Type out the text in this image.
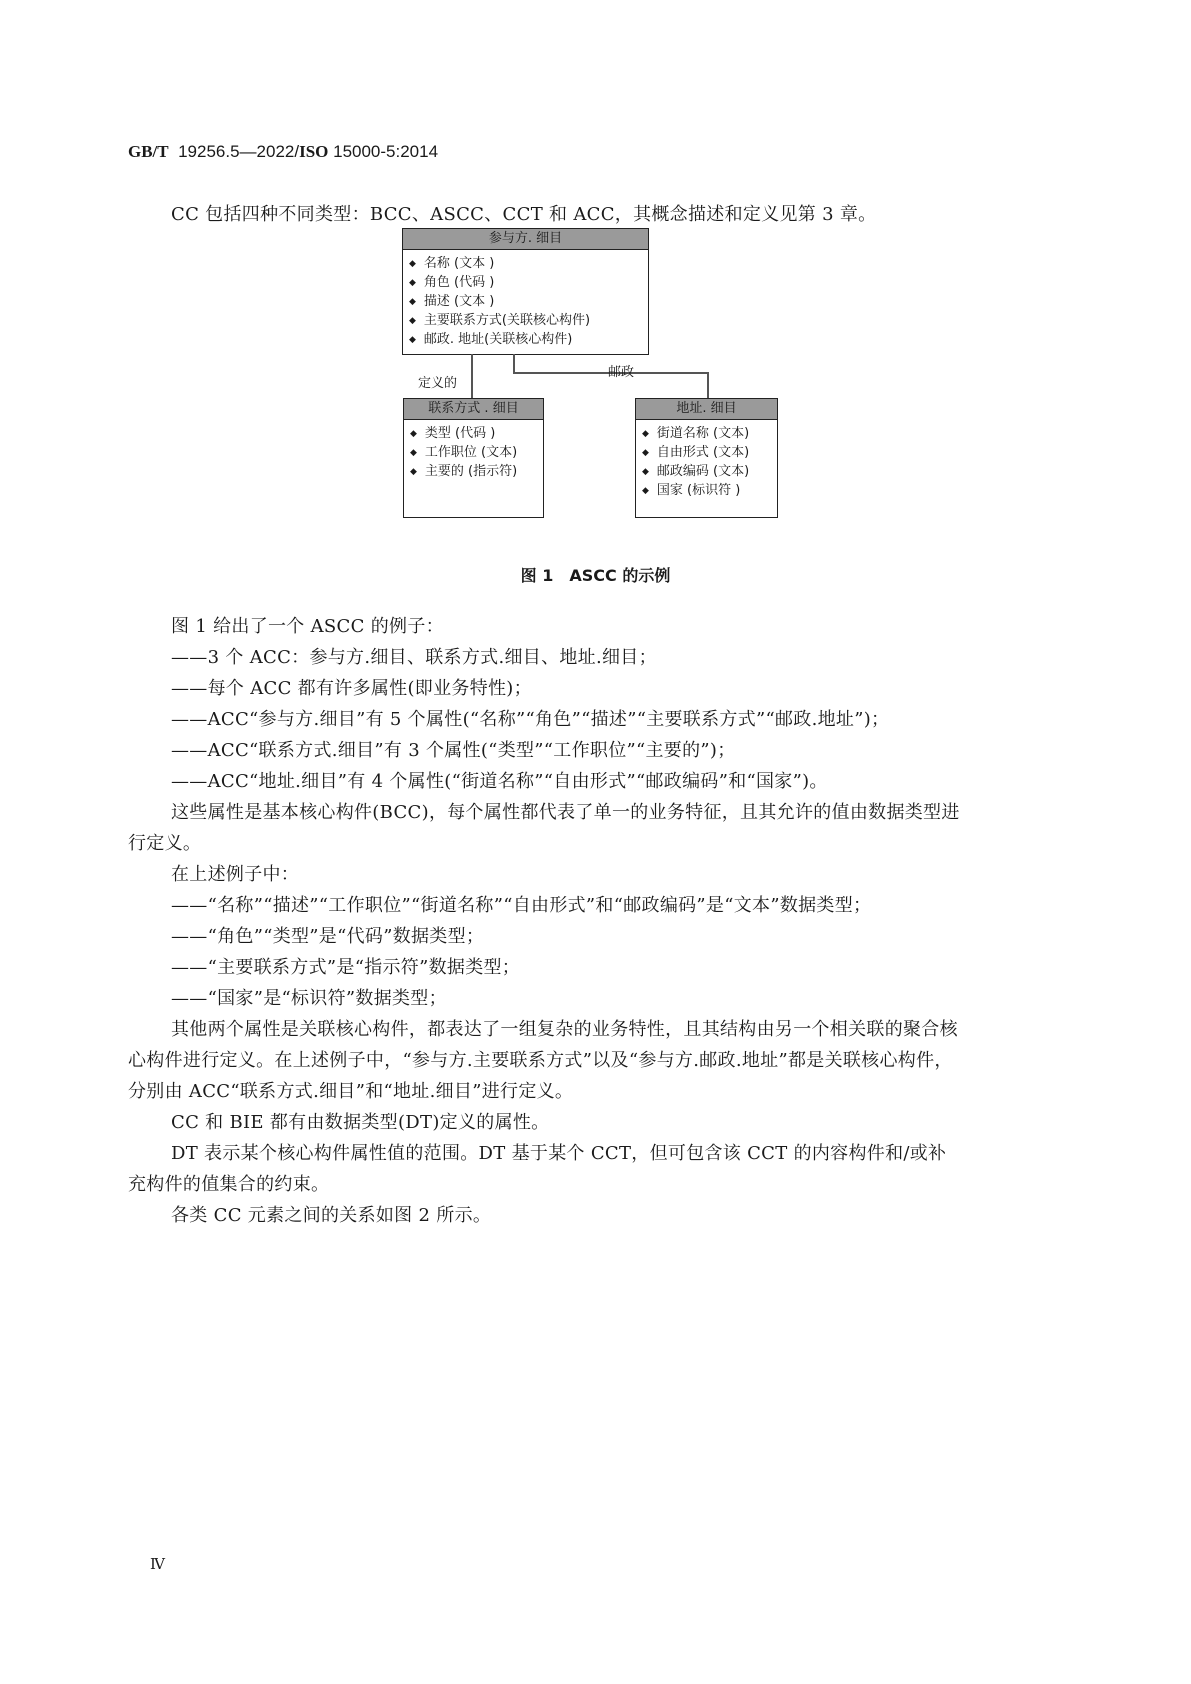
GB/T 19256.5—2022/ISO 15000-5:2014
CC 包括四种不同类型：BCC、ASCC、CCT 和 ACC，其概念描述和定义见第 3 章。
参与方. 细目
◆ 名称 (文本 )
◆ 角色 (代码 )
◆ 描述 (文本 )
◆ 主要联系方式(关联核心构件)
◆ 邮政. 地址(关联核心构件)
定义的
邮政
联系方式 . 细目
◆ 类型 (代码 )
◆ 工作职位 (文本)
◆ 主要的 (指示符)
地址. 细目
◆ 街道名称 (文本)
◆ 自由形式 (文本)
◆ 邮政编码 (文本)
◆ 国家 (标识符 )
图 1　ASCC 的示例
图 1 给出了一个 ASCC 的例子：
——3 个 ACC：参与方.细目、联系方式.细目、地址.细目；
——每个 ACC 都有许多属性(即业务特性)；
——ACC“参与方.细目”有 5 个属性(“名称”“角色”“描述”“主要联系方式”“邮政.地址”)；
——ACC“联系方式.细目”有 3 个属性(“类型”“工作职位”“主要的”)；
——ACC“地址.细目”有 4 个属性(“街道名称”“自由形式”“邮政编码”和“国家”)。
这些属性是基本核心构件(BCC)，每个属性都代表了单一的业务特征，且其允许的值由数据类型进
行定义。
在上述例子中：
——“名称”“描述”“工作职位”“街道名称”“自由形式”和“邮政编码”是“文本”数据类型；
——“角色”“类型”是“代码”数据类型；
——“主要联系方式”是“指示符”数据类型；
——“国家”是“标识符”数据类型；
其他两个属性是关联核心构件，都表达了一组复杂的业务特性，且其结构由另一个相关联的聚合核
心构件进行定义。在上述例子中，“参与方.主要联系方式”以及“参与方.邮政.地址”都是关联核心构件，
分别由 ACC“联系方式.细目”和“地址.细目”进行定义。
CC 和 BIE 都有由数据类型(DT)定义的属性。
DT 表示某个核心构件属性值的范围。DT 基于某个 CCT，但可包含该 CCT 的内容构件和/或补
充构件的值集合的约束。
各类 CC 元素之间的关系如图 2 所示。
Ⅳ
